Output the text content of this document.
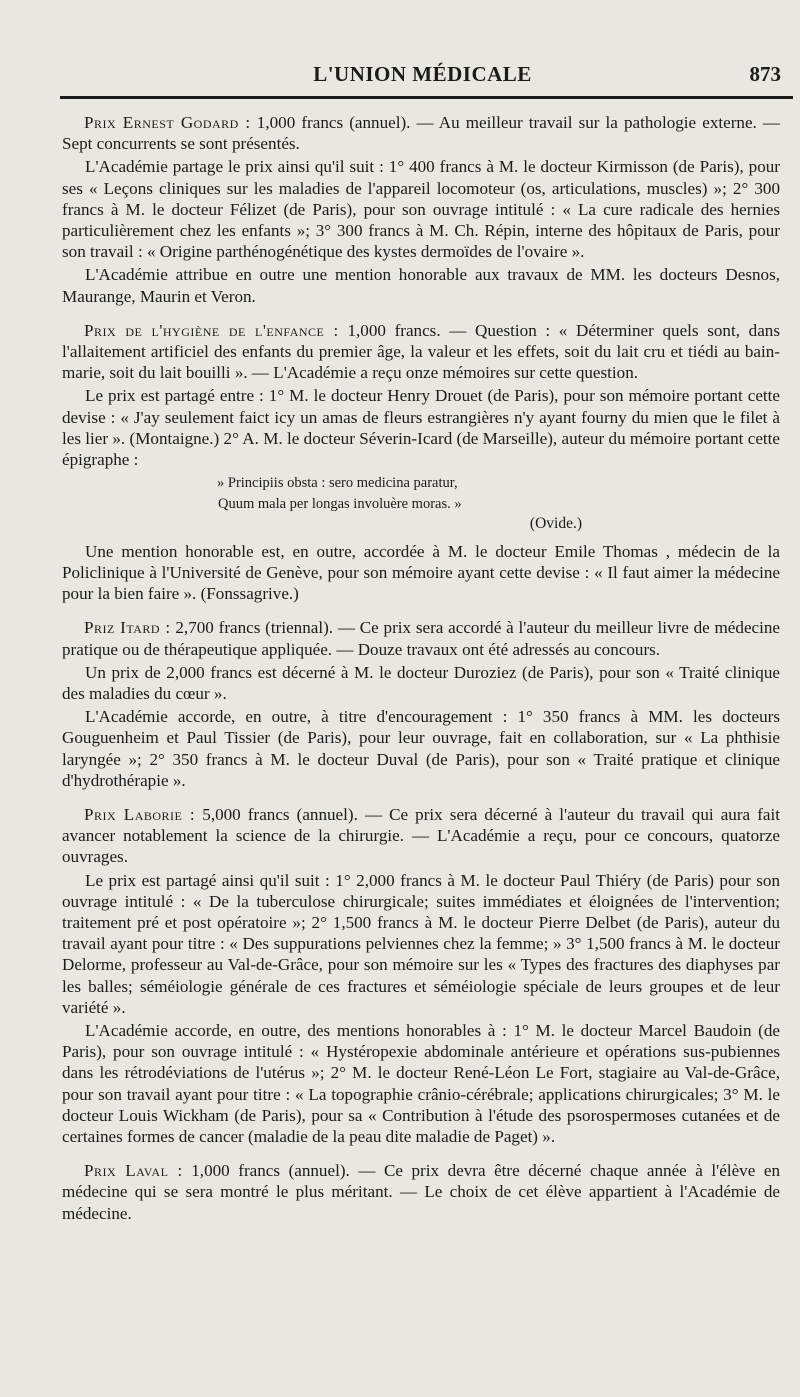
L'UNION MÉDICALE	873

Prix Ernest Godard : 1,000 francs (annuel). — Au meilleur travail sur la pathologie externe. — Sept concurrents se sont présentés.

L'Académie partage le prix ainsi qu'il suit : 1° 400 francs à M. le docteur Kirmisson (de Paris), pour ses « Leçons cliniques sur les maladies de l'appareil locomoteur (os, articulations, muscles) »; 2° 300 francs à M. le docteur Félizet (de Paris), pour son ouvrage intitulé : « La cure radicale des hernies particulièrement chez les enfants »; 3° 300 francs à M. Ch. Répin, interne des hôpitaux de Paris, pour son travail : « Origine parthénogénétique des kystes dermoïdes de l'ovaire ».

L'Académie attribue en outre une mention honorable aux travaux de MM. les docteurs Desnos, Maurange, Maurin et Veron.

Prix de l'hygiène de l'enfance : 1,000 francs. — Question : « Déterminer quels sont, dans l'allaitement artificiel des enfants du premier âge, la valeur et les effets, soit du lait cru et tiédi au bain-marie, soit du lait bouilli ». — L'Académie a reçu onze mémoires sur cette question.

Le prix est partagé entre : 1° M. le docteur Henry Drouet (de Paris), pour son mémoire portant cette devise : « J'ay seulement faict icy un amas de fleurs estrangières n'y ayant fourny du mien que le filet à les lier ». (Montaigne.) 2° A. M. le docteur Séverin-Icard (de Marseille), auteur du mémoire portant cette épigraphe :

» Principiis obsta : sero medicina paratur,
Quum mala per longas involuère moras. »
(Ovide.)

Une mention honorable est, en outre, accordée à M. le docteur Emile Thomas , médecin de la Policlinique à l'Université de Genève, pour son mémoire ayant cette devise : « Il faut aimer la médecine pour la bien faire ». (Fonssagrive.)

Priz Itard : 2,700 francs (triennal). — Ce prix sera accordé à l'auteur du meilleur livre de médecine pratique ou de thérapeutique appliquée. — Douze travaux ont été adressés au concours.

Un prix de 2,000 francs est décerné à M. le docteur Duroziez (de Paris), pour son « Traité clinique des maladies du cœur ».

L'Académie accorde, en outre, à titre d'encouragement : 1° 350 francs à MM. les docteurs Gouguenheim et Paul Tissier (de Paris), pour leur ouvrage, fait en collaboration, sur « La phthisie laryngée »; 2° 350 francs à M. le docteur Duval (de Paris), pour son « Traité pratique et clinique d'hydrothérapie ».

Prix Laborie : 5,000 francs (annuel). — Ce prix sera décerné à l'auteur du travail qui aura fait avancer notablement la science de la chirurgie. — L'Académie a reçu, pour ce concours, quatorze ouvrages.

Le prix est partagé ainsi qu'il suit : 1° 2,000 francs à M. le docteur Paul Thiéry (de Paris) pour son ouvrage intitulé : « De la tuberculose chirurgicale; suites immédiates et éloignées de l'intervention; traitement pré et post opératoire »; 2° 1,500 francs à M. le docteur Pierre Delbet (de Paris), auteur du travail ayant pour titre : « Des suppurations pelviennes chez la femme; » 3° 1,500 francs à M. le docteur Delorme, professeur au Val-de-Grâce, pour son mémoire sur les « Types des fractures des diaphyses par les balles; séméiologie générale de ces fractures et séméiologie spéciale de leurs groupes et de leur variété ».

L'Académie accorde, en outre, des mentions honorables à : 1° M. le docteur Marcel Baudoin (de Paris), pour son ouvrage intitulé : « Hystéropexie abdominale antérieure et opérations sus-pubiennes dans les rétrodéviations de l'utérus »; 2° M. le docteur René-Léon Le Fort, stagiaire au Val-de-Grâce, pour son travail ayant pour titre : « La topographie crânio-cérébrale; applications chirurgicales; 3° M. le docteur Louis Wickham (de Paris), pour sa « Contribution à l'étude des psorospermoses cutanées et de certaines formes de cancer (maladie de la peau dite maladie de Paget) ».

Prix Laval : 1,000 francs (annuel). — Ce prix devra être décerné chaque année à l'élève en médecine qui se sera montré le plus méritant. — Le choix de cet élève appartient à l'Académie de médecine.
